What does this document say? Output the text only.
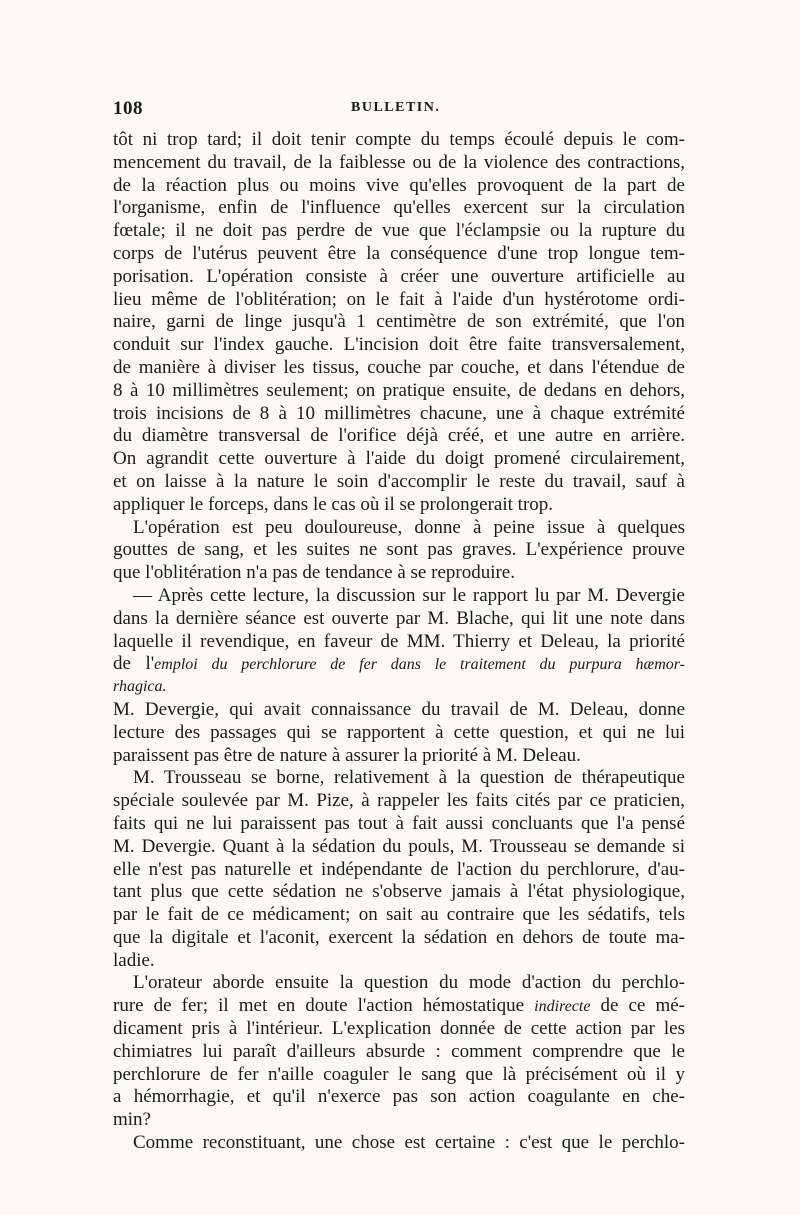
108	BULLETIN.
tôt ni trop tard; il doit tenir compte du temps écoulé depuis le com-
mencement du travail, de la faiblesse ou de la violence des contractions,
de la réaction plus ou moins vive qu'elles provoquent de la part de
l'organisme, enfin de l'influence qu'elles exercent sur la circulation
fœtale; il ne doit pas perdre de vue que l'éclampsie ou la rupture du
corps de l'utérus peuvent être la conséquence d'une trop longue tem-
porisation. L'opération consiste à créer une ouverture artificielle au
lieu même de l'oblitération; on le fait à l'aide d'un hystérotome ordi-
naire, garni de linge jusqu'à 1 centimètre de son extrémité, que l'on
conduit sur l'index gauche. L'incision doit être faite transversalement,
de manière à diviser les tissus, couche par couche, et dans l'étendue de
8 à 10 millimètres seulement; on pratique ensuite, de dedans en dehors,
trois incisions de 8 à 10 millimètres chacune, une à chaque extrémité
du diamètre transversal de l'orifice déjà créé, et une autre en arrière.
On agrandit cette ouverture à l'aide du doigt promené circulairement,
et on laisse à la nature le soin d'accomplir le reste du travail, sauf à
appliquer le forceps, dans le cas où il se prolongerait trop.
L'opération est peu douloureuse, donne à peine issue à quelques
gouttes de sang, et les suites ne sont pas graves. L'expérience prouve
que l'oblitération n'a pas de tendance à se reproduire.
— Après cette lecture, la discussion sur le rapport lu par M. Devergie
dans la dernière séance est ouverte par M. Blache, qui lit une note dans
laquelle il revendique, en faveur de MM. Thierry et Deleau, la priorité
de l'emploi du perchlorure de fer dans le traitement du purpura hæmor-
rhagica.
M. Devergie, qui avait connaissance du travail de M. Deleau, donne
lecture des passages qui se rapportent à cette question, et qui ne lui
paraissent pas être de nature à assurer la priorité à M. Deleau.
M. Trousseau se borne, relativement à la question de thérapeutique
spéciale soulevée par M. Pize, à rappeler les faits cités par ce praticien,
faits qui ne lui paraissent pas tout à fait aussi concluants que l'a pensé
M. Devergie. Quant à la sédation du pouls, M. Trousseau se demande si
elle n'est pas naturelle et indépendante de l'action du perchlorure, d'au-
tant plus que cette sédation ne s'observe jamais à l'état physiologique,
par le fait de ce médicament; on sait au contraire que les sédatifs, tels
que la digitale et l'aconit, exercent la sédation en dehors de toute ma-
ladie.
L'orateur aborde ensuite la question du mode d'action du perchlo-
rure de fer; il met en doute l'action hémostatique indirecte de ce mé-
dicament pris à l'intérieur. L'explication donnée de cette action par les
chimiatres lui paraît d'ailleurs absurde : comment comprendre que le
perchlorure de fer n'aille coaguler le sang que là précisément où il y
a hémorrhagie, et qu'il n'exerce pas son action coagulante en che-
min?
Comme reconstituant, une chose est certaine : c'est que le perchlo-
